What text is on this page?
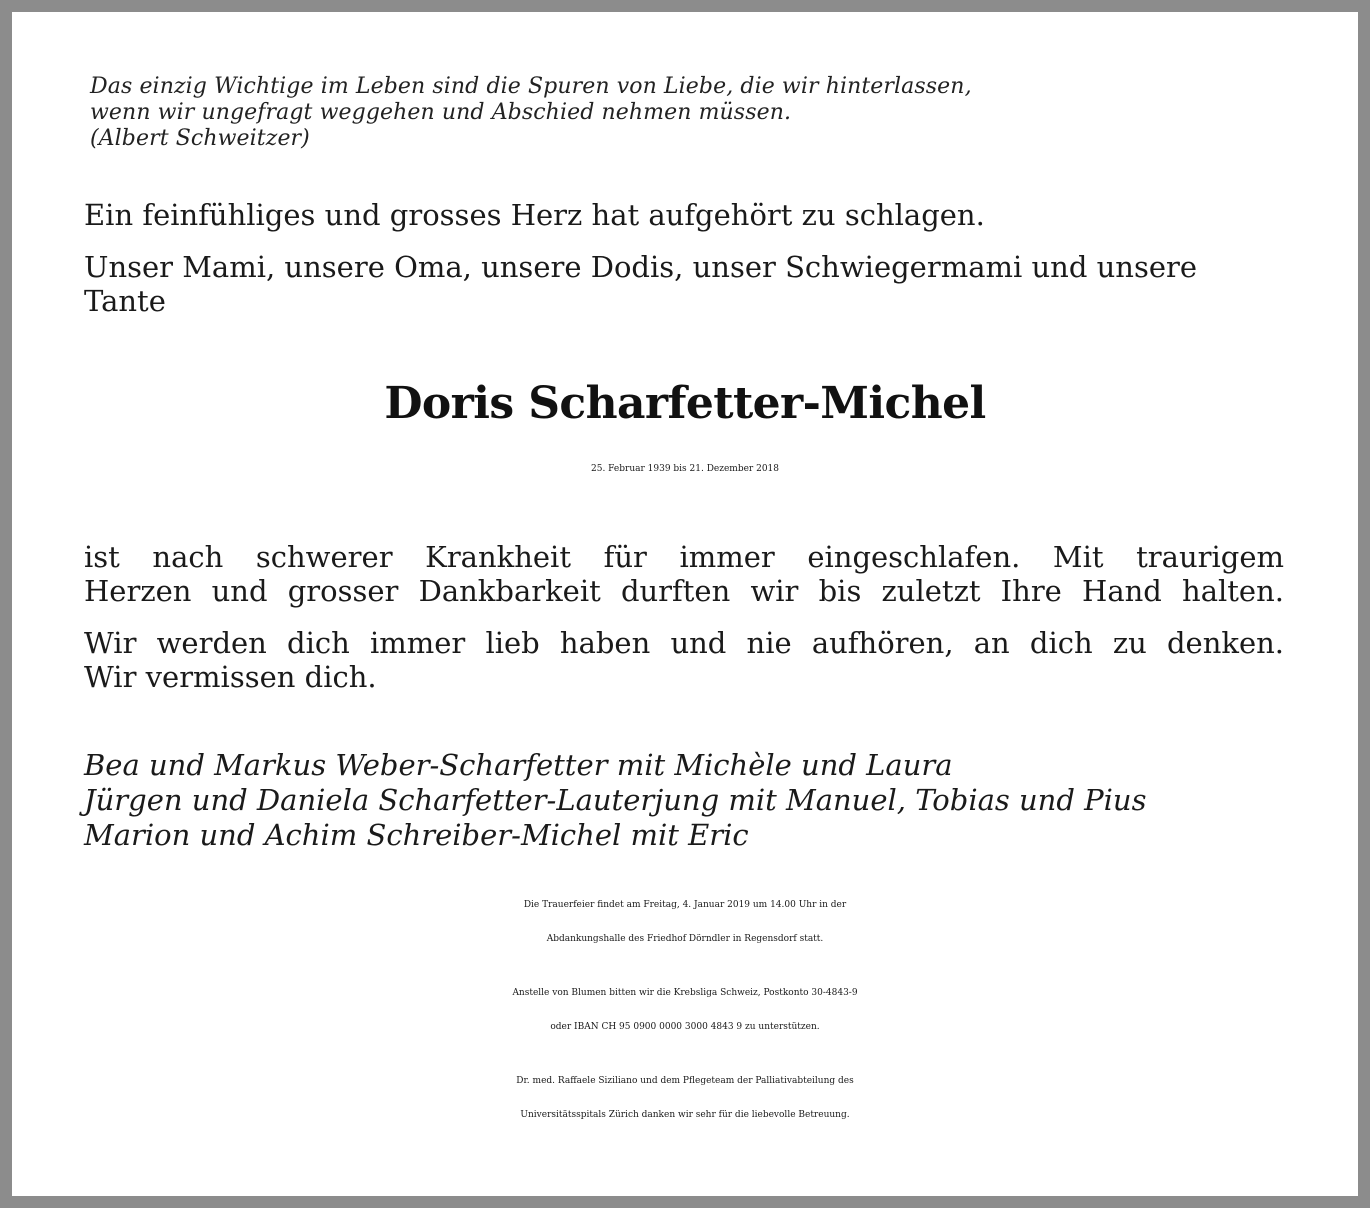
Das einzig Wichtige im Leben sind die Spuren von Liebe, die wir hinterlassen,

wenn wir ungefragt weggehen und Abschied nehmen müssen.

(Albert Schweitzer)

Ein feinfühliges und grosses Herz hat aufgehört zu schlagen.

Unser Mami, unsere Oma, unsere Dodis, unser Schwiegermami und unsere

Tante

Doris Scharfetter-Michel

25. Februar 1939 bis 21. Dezember 2018

ist nach schwerer Krankheit für immer eingeschlafen. Mit traurigem

Herzen und grosser Dankbarkeit durften wir bis zuletzt Ihre Hand halten.

Wir werden dich immer lieb haben und nie aufhören, an dich zu denken.

Wir vermissen dich.

Bea und Markus Weber-Scharfetter mit Michèle und Laura

Jürgen und Daniela Scharfetter-Lauterjung mit Manuel, Tobias und Pius

Marion und Achim Schreiber-Michel mit Eric

Die Trauerfeier findet am Freitag, 4. Januar 2019 um 14.00 Uhr in der

Abdankungshalle des Friedhof Dörndler in Regensdorf statt.

Anstelle von Blumen bitten wir die Krebsliga Schweiz, Postkonto 30-4843-9

oder IBAN CH 95 0900 0000 3000 4843 9 zu unterstützen.

Dr. med. Raffaele Siziliano und dem Pflegeteam der Palliativabteilung des

Universitätsspitals Zürich danken wir sehr für die liebevolle Betreuung.
